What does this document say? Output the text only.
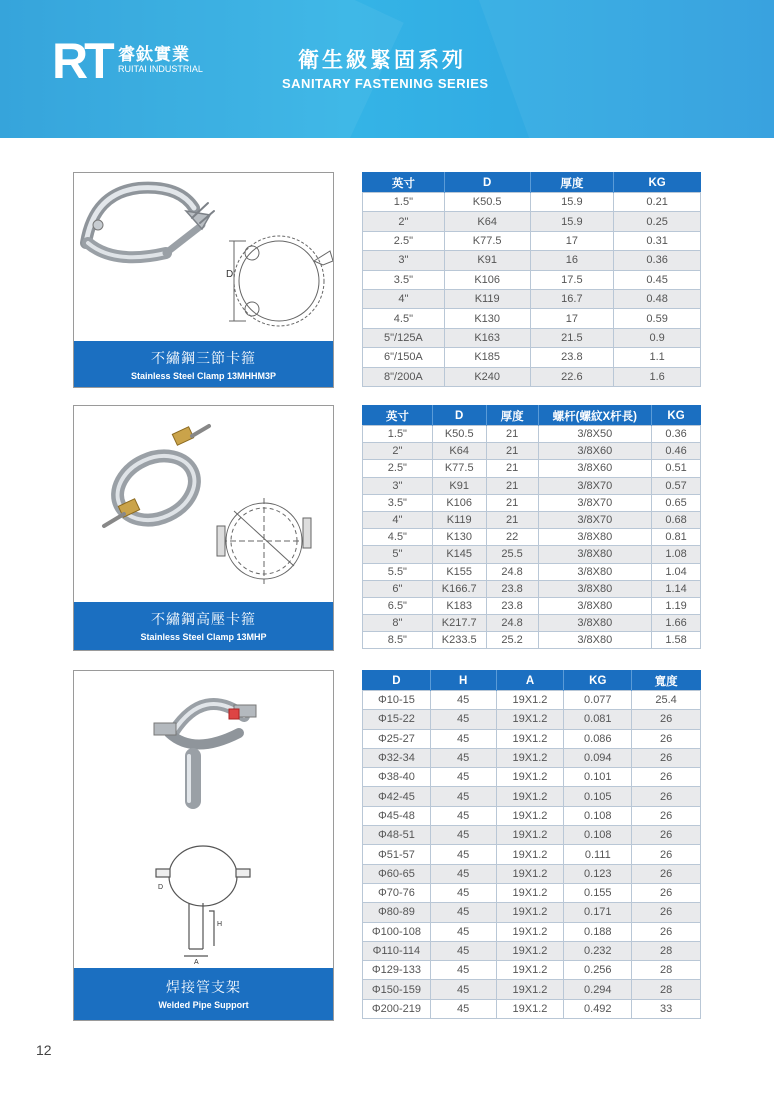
RT 睿鈦實業
RUITAI INDUSTRIAL	衛生級緊固系列
SANITARY FASTENING SERIES
D
不繡鋼三節卡箍
Stainless Steel Clamp 13MHHM3P
英寸	D	厚度	KG
1.5"	K50.5	15.9	0.21
2"	K64	15.9	0.25
2.5"	K77.5	17	0.31
3"	K91	16	0.36
3.5"	K106	17.5	0.45
4"	K119	16.7	0.48
4.5"	K130	17	0.59
5"/125A	K163	21.5	0.9
6"/150A	K185	23.8	1.1
8"/200A	K240	22.6	1.6
不繡鋼高壓卡箍
Stainless Steel Clamp 13MHP
英寸	D	厚度	螺杆(螺紋X杆長)	KG
1.5"	K50.5	21	3/8X50	0.36
2"	K64	21	3/8X60	0.46
2.5"	K77.5	21	3/8X60	0.51
3"	K91	21	3/8X70	0.57
3.5"	K106	21	3/8X70	0.65
4"	K119	21	3/8X70	0.68
4.5"	K130	22	3/8X80	0.81
5"	K145	25.5	3/8X80	1.08
5.5"	K155	24.8	3/8X80	1.04
6"	K166.7	23.8	3/8X80	1.14
6.5"	K183	23.8	3/8X80	1.19
8"	K217.7	24.8	3/8X80	1.66
8.5"	K233.5	25.2	3/8X80	1.58
D
H
A
焊接管支架
Welded Pipe Support
D	H	A	KG	寬度
Φ10-15	45	19X1.2	0.077	25.4
Φ15-22	45	19X1.2	0.081	26
Φ25-27	45	19X1.2	0.086	26
Φ32-34	45	19X1.2	0.094	26
Φ38-40	45	19X1.2	0.101	26
Φ42-45	45	19X1.2	0.105	26
Φ45-48	45	19X1.2	0.108	26
Φ48-51	45	19X1.2	0.108	26
Φ51-57	45	19X1.2	0.111	26
Φ60-65	45	19X1.2	0.123	26
Φ70-76	45	19X1.2	0.155	26
Φ80-89	45	19X1.2	0.171	26
Φ100-108	45	19X1.2	0.188	26
Φ110-114	45	19X1.2	0.232	28
Φ129-133	45	19X1.2	0.256	28
Φ150-159	45	19X1.2	0.294	28
Φ200-219	45	19X1.2	0.492	33
12
